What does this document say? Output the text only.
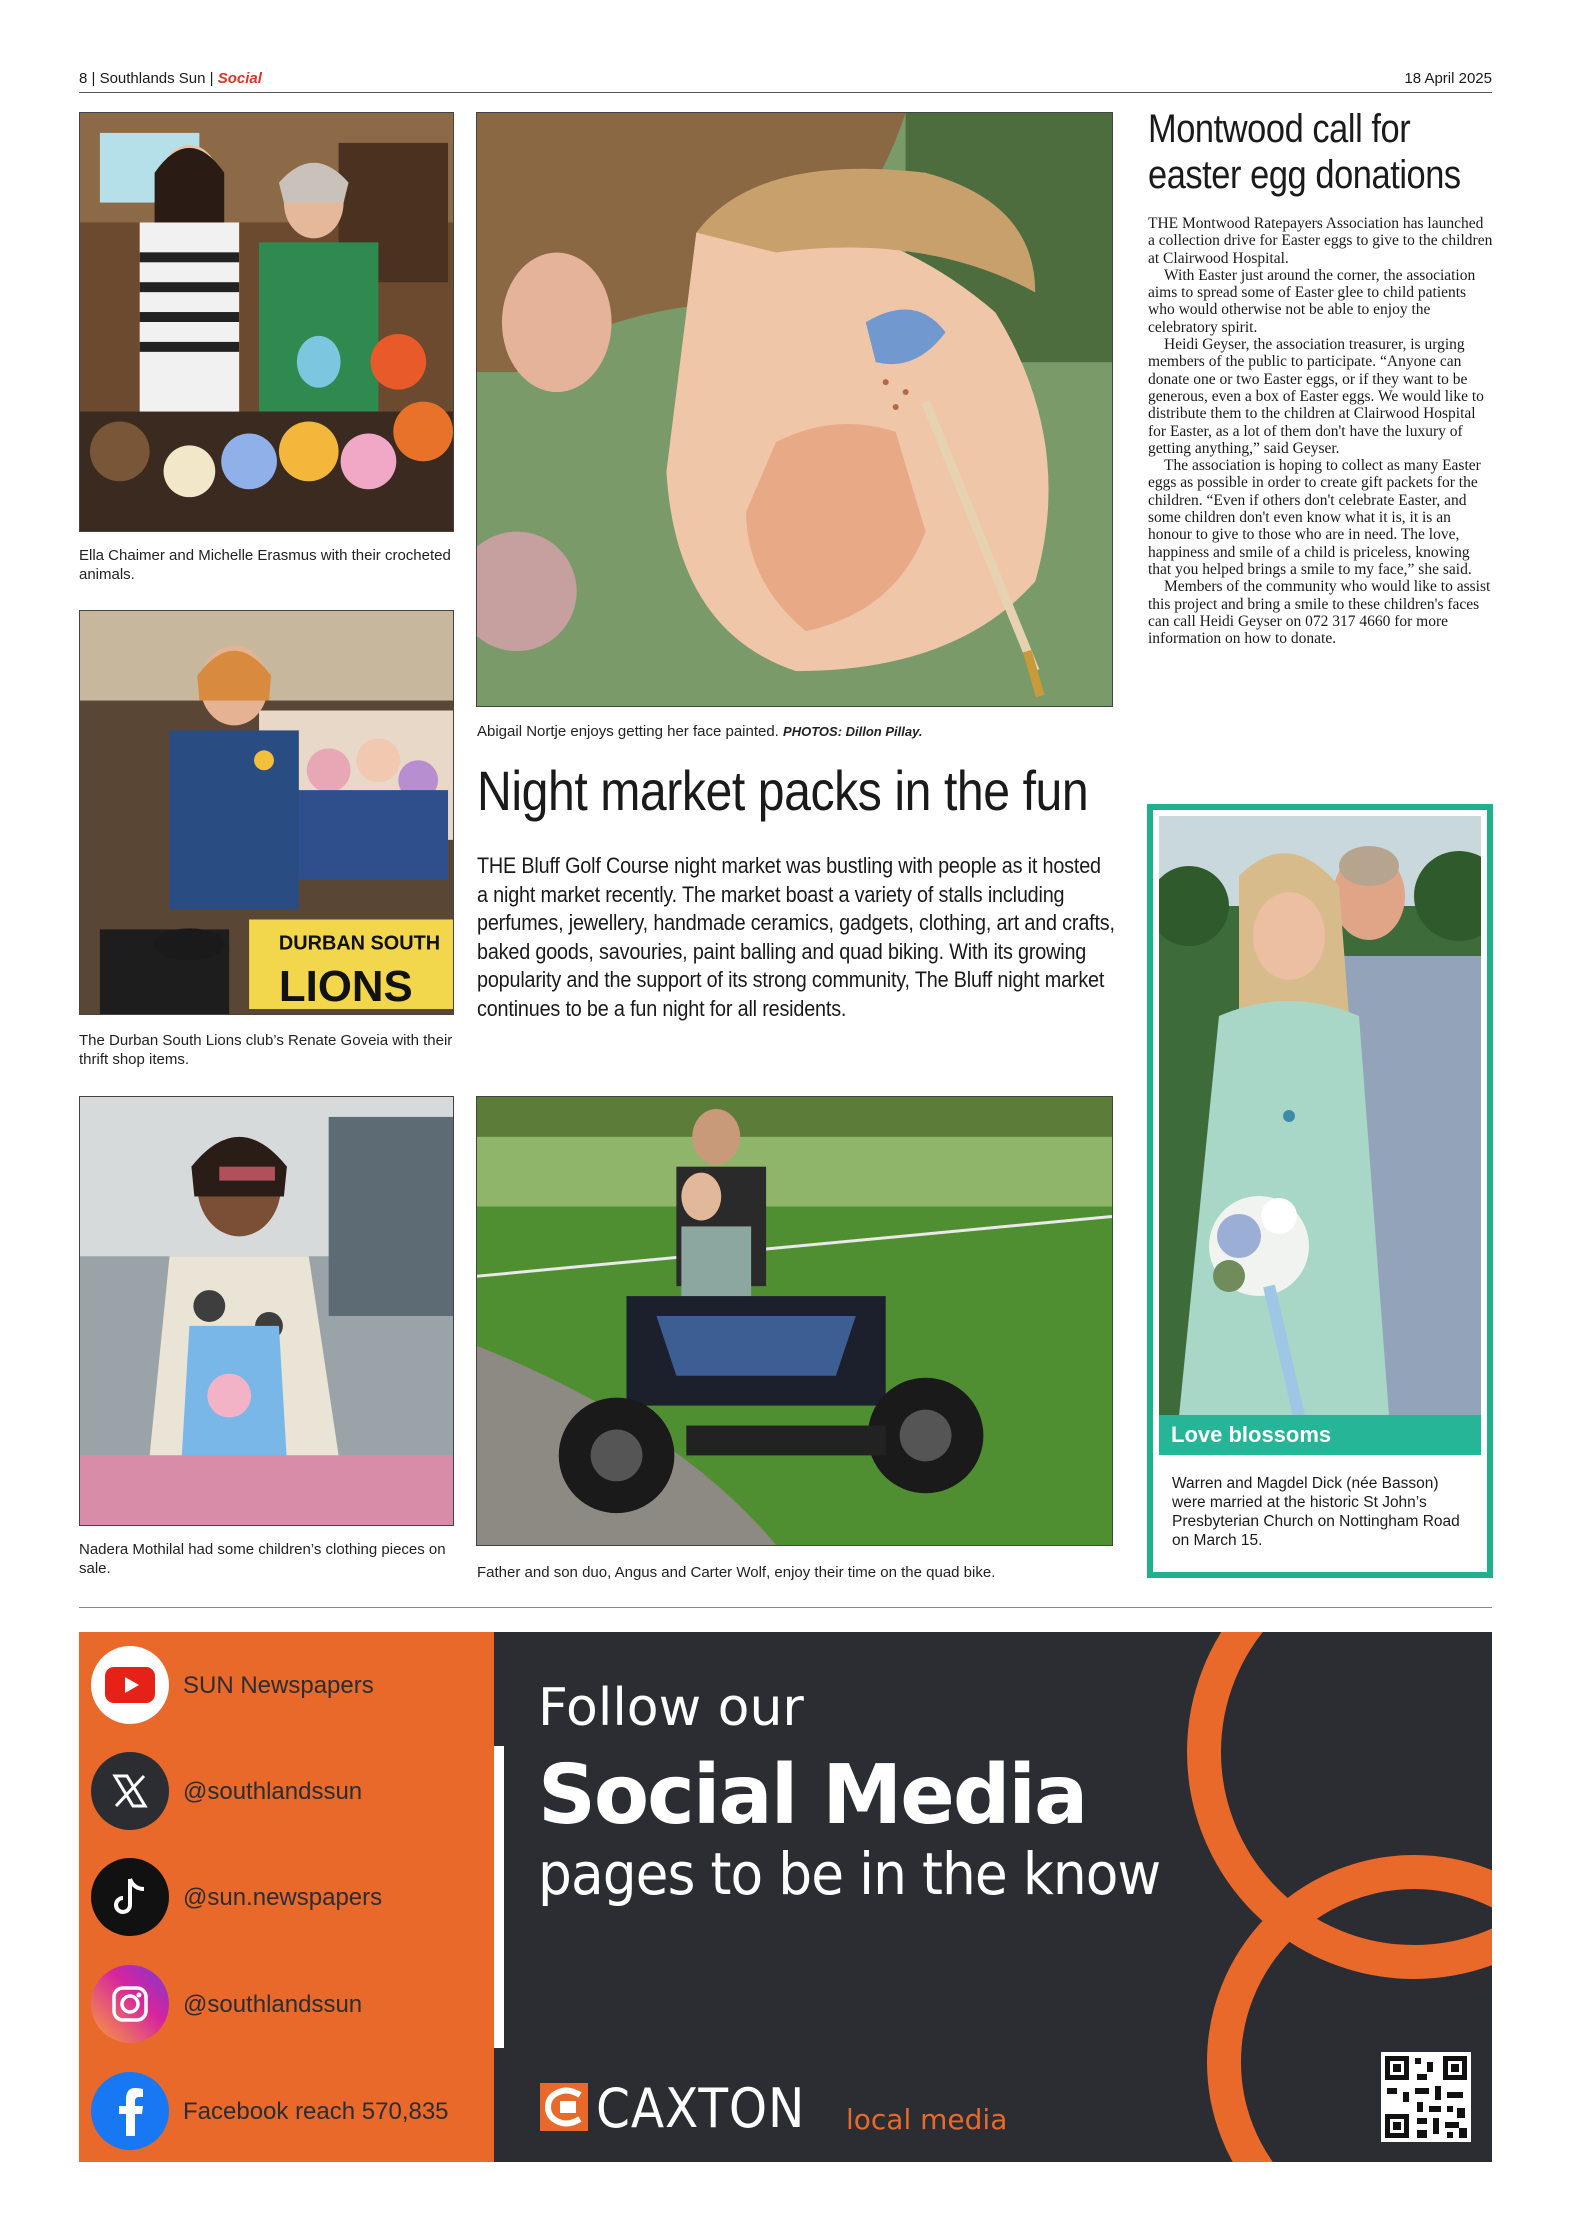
8 | Southlands Sun | Social	18 April 2025
Ella Chaimer and Michelle Erasmus with their crocheted animals.
DURBAN SOUTH
LIONS
The Durban South Lions club’s Renate Goveia with their thrift shop items.
Nadera Mothilal had some children’s clothing pieces on sale.
Abigail Nortje enjoys getting her face painted. PHOTOS: Dillon Pillay.
Night market packs in the fun
THE Bluff Golf Course night market was bustling with people as it hosted a night market recently. The market boast a variety of stalls including perfumes, jewellery, handmade ceramics, gadgets, clothing, art and crafts, baked goods, savouries, paint balling and quad biking. With its growing popularity and the support of its strong community, The Bluff night market continues to be a fun night for all residents.
Father and son duo, Angus and Carter Wolf, enjoy their time on the quad bike.
Montwood call for easter egg donations

THE Montwood Ratepayers Association has launched a collection drive for Easter eggs to give to the children at Clairwood Hospital.

With Easter just around the corner, the association aims to spread some of Easter glee to child patients who would otherwise not be able to enjoy the celebratory spirit.

Heidi Geyser, the association treasurer, is urging members of the public to participate. “Anyone can donate one or two Easter eggs, or if they want to be generous, even a box of Easter eggs. We would like to distribute them to the children at Clairwood Hospital for Easter, as a lot of them don't have the luxury of getting anything,” said Geyser.

The association is hoping to collect as many Easter eggs as possible in order to create gift packets for the children. “Even if others don't celebrate Easter, and some children don't even know what it is, it is an honour to give to those who are in need. The love, happiness and smile of a child is priceless, knowing that you helped brings a smile to my face,” she said.

Members of the community who would like to assist this project and bring a smile to these children's faces can call Heidi Geyser on 072 317 4660 for more information on how to donate.

Love blossoms
Warren and Magdel Dick (née Basson) were married at the historic St John’s Presbyterian Church on Nottingham Road on March 15.
SUN Newspapers
@southlandssun
@sun.newspapers
@southlandssun
Facebook reach 570,835
Follow our
Social Media
pages to be in the know
CAXTON local media
